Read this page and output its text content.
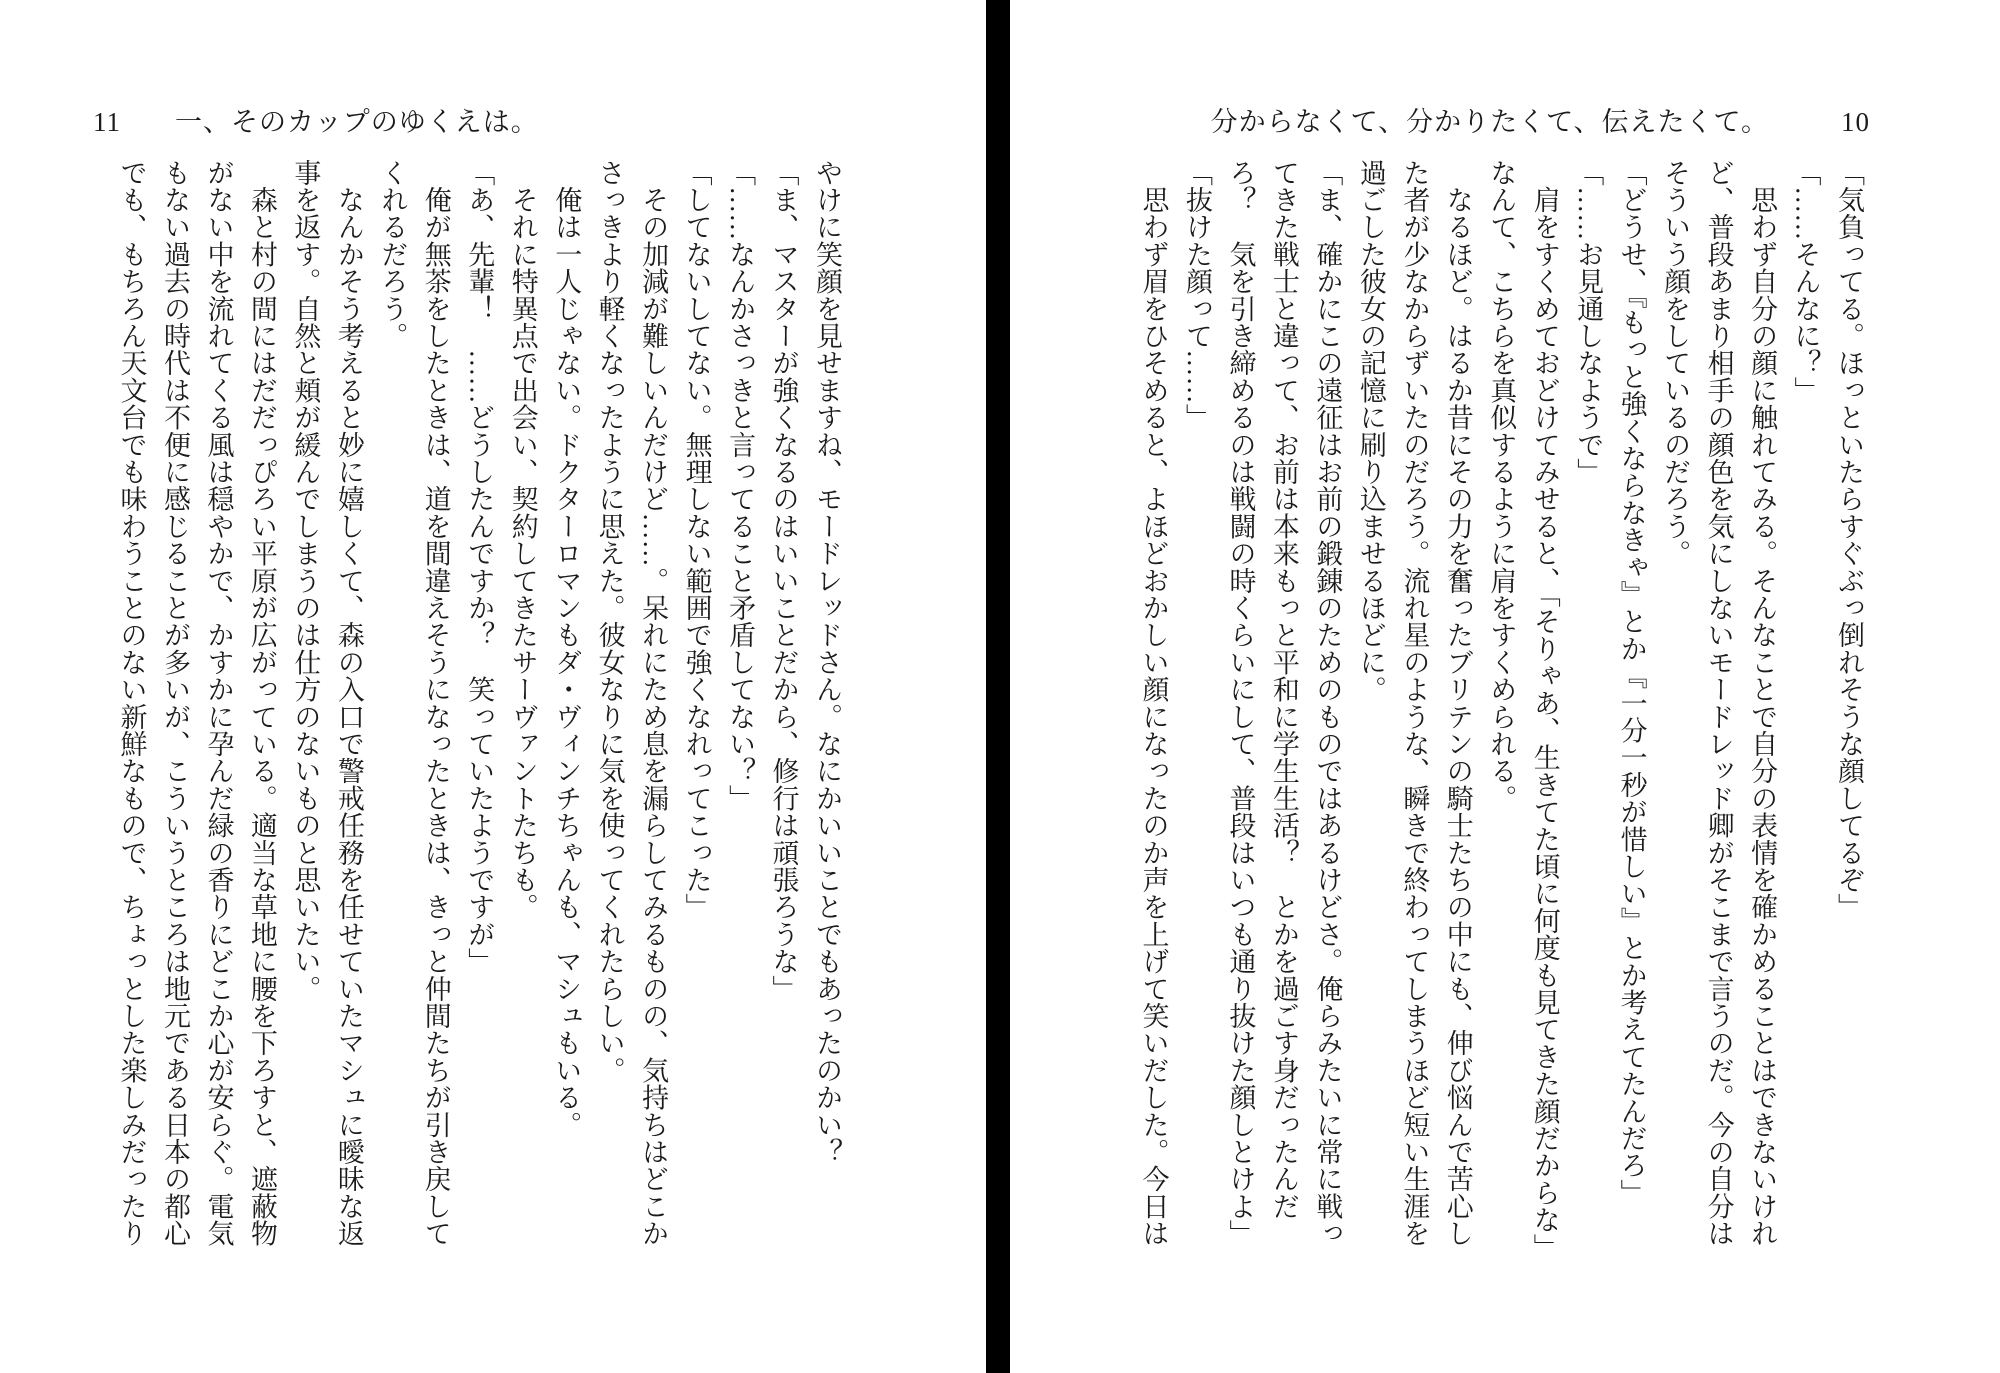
11 一、そのカップのゆくえは。

やけに笑顔を見せますね、モードレッドさん。なにかいいことでもあったのかい？

「ま、マスターが強くなるのはいいことだから、修行は頑張ろうな」

「……なんかさっきと言ってること矛盾してない？」

「してないしてない。無理しない範囲で強くなれってこった」

　その加減が難しいんだけど……。呆れにため息を漏らしてみるものの、気持ちはどこか

さっきより軽くなったように思えた。彼女なりに気を使ってくれたらしい。

　俺は一人じゃない。ドクターロマンもダ・ヴィンチちゃんも、マシュもいる。

　それに特異点で出会い、契約してきたサーヴァントたちも。

「あ、先輩！　……どうしたんですか？　笑っていたようですが」

　俺が無茶をしたときは、道を間違えそうになったときは、きっと仲間たちが引き戻して

くれるだろう。

　なんかそう考えると妙に嬉しくて、森の入口で警戒任務を任せていたマシュに曖昧な返

事を返す。自然と頬が緩んでしまうのは仕方のないものと思いたい。

　森と村の間にはだだっぴろい平原が広がっている。適当な草地に腰を下ろすと、遮蔽物

がない中を流れてくる風は穏やかで、かすかに孕んだ緑の香りにどこか心が安らぐ。電気

もない過去の時代は不便に感じることが多いが、こういうところは地元である日本の都心

でも、もちろん天文台でも味わうことのない新鮮なもので、ちょっとした楽しみだったり

分からなくて、分かりたくて、伝えたくて。	10

「気負ってる。ほっといたらすぐぶっ倒れそうな顔してるぞ」

「……そんなに？」

　思わず自分の顔に触れてみる。そんなことで自分の表情を確かめることはできないけれ

ど、普段あまり相手の顔色を気にしないモードレッド卿がそこまで言うのだ。今の自分は

そういう顔をしているのだろう。

「どうせ、『もっと強くならなきゃ』とか『一分一秒が惜しい』とか考えてたんだろ」

「……お見通しなようで」

　肩をすくめておどけてみせると、「そりゃあ、生きてた頃に何度も見てきた顔だからな」

なんて、こちらを真似するように肩をすくめられる。

　なるほど。はるか昔にその力を奮ったブリテンの騎士たちの中にも、伸び悩んで苦心し

た者が少なからずいたのだろう。流れ星のような、瞬きで終わってしまうほど短い生涯を

過ごした彼女の記憶に刷り込ませるほどに。

「ま、確かにこの遠征はお前の鍛錬のためのものではあるけどさ。俺らみたいに常に戦っ

てきた戦士と違って、お前は本来もっと平和に学生生活？　とかを過ごす身だったんだ

ろ？　気を引き締めるのは戦闘の時くらいにして、普段はいつも通り抜けた顔しとけよ」

「抜けた顔って……」

　思わず眉をひそめると、よほどおかしい顔になったのか声を上げて笑いだした。今日は
